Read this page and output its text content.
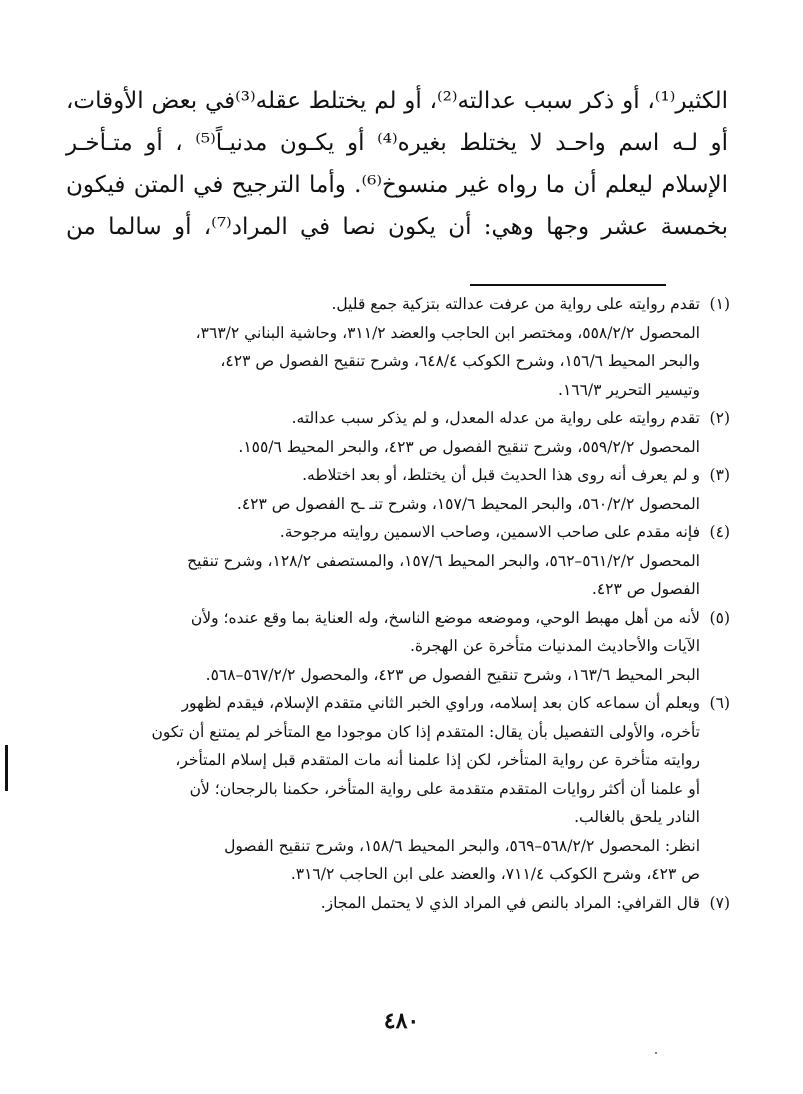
الكثير⁽¹⁾، أو ذكر سبب عدالته⁽²⁾، أو لم يختلط عقله⁽³⁾في بعض الأوقات،

أو لـه اسم واحـد لا يختلط بغيره⁽⁴⁾ أو يكـون مدنيـاً⁽⁵⁾ ، أو متـأخـر

الإسلام ليعلم أن ما رواه غير منسوخ⁽⁶⁾. وأما الترجيح في المتن فيكون

بخمسة عشر وجها وهي: أن يكون نصا في المراد⁽⁷⁾، أو سالما من

(١)
تقدم روايته على رواية من عرفت عدالته بتزكية جمع قليل.
المحصول ٥٥٨/٢/٢، ومختصر ابن الحاجب والعضد ٣١١/٢، وحاشية البناني ٣٦٣/٢،
والبحر المحيط ١٥٦/٦، وشرح الكوكب ٦٤٨/٤، وشرح تنقيح الفصول ص ٤٢٣،
وتيسير التحرير ١٦٦/٣.
(٢)
تقدم روايته على رواية من عدله المعدل، و لم يذكر سبب عدالته.
المحصول ٥٥٩/٢/٢، وشرح تنقيح الفصول ص ٤٢٣، والبحر المحيط ١٥٥/٦.
(٣)
و لم يعرف أنه روى هذا الحديث قبل أن يختلط، أو بعد اختلاطه.
المحصول ٥٦٠/٢/٢، والبحر المحيط ١٥٧/٦، وشرح تنـ ـح الفصول ص ٤٢٣.
(٤)
فإنه مقدم على صاحب الاسمين، وصاحب الاسمين روايته مرجوحة.
المحصول ٥٦١/٢/٢–٥٦٢، والبحر المحيط ١٥٧/٦، والمستصفى ١٢٨/٢، وشرح تنقيح
الفصول ص ٤٢٣.
(٥)
لأنه من أهل مهبط الوحي، وموضعه موضع الناسخ، وله العناية بما وقع عنده؛ ولأن
الآيات والأحاديث المدنيات متأخرة عن الهجرة.
البحر المحيط ١٦٣/٦، وشرح تنقيح الفصول ص ٤٢٣، والمحصول ٥٦٧/٢/٢–٥٦٨.
(٦)
ويعلم أن سماعه كان بعد إسلامه، وراوي الخبر الثاني متقدم الإسلام، فيقدم لظهور
تأخره، والأولى التفصيل بأن يقال: المتقدم إذا كان موجودا مع المتأخر لم يمتنع أن تكون
روايته متأخرة عن رواية المتأخر، لكن إذا علمنا أنه مات المتقدم قبل إسلام المتأخر،
أو علمنا أن أكثر روايات المتقدم متقدمة على رواية المتأخر، حكمنا بالرجحان؛ لأن
النادر يلحق بالغالب.
انظر: المحصول ٥٦٨/٢/٢–٥٦٩، والبحر المحيط ١٥٨/٦، وشرح تنقيح الفصول
ص ٤٢٣، وشرح الكوكب ٧١١/٤، والعضد على ابن الحاجب ٣١٦/٢.
(٧)
قال القرافي: المراد بالنص في المراد الذي لا يحتمل المجاز.
٤٨٠
